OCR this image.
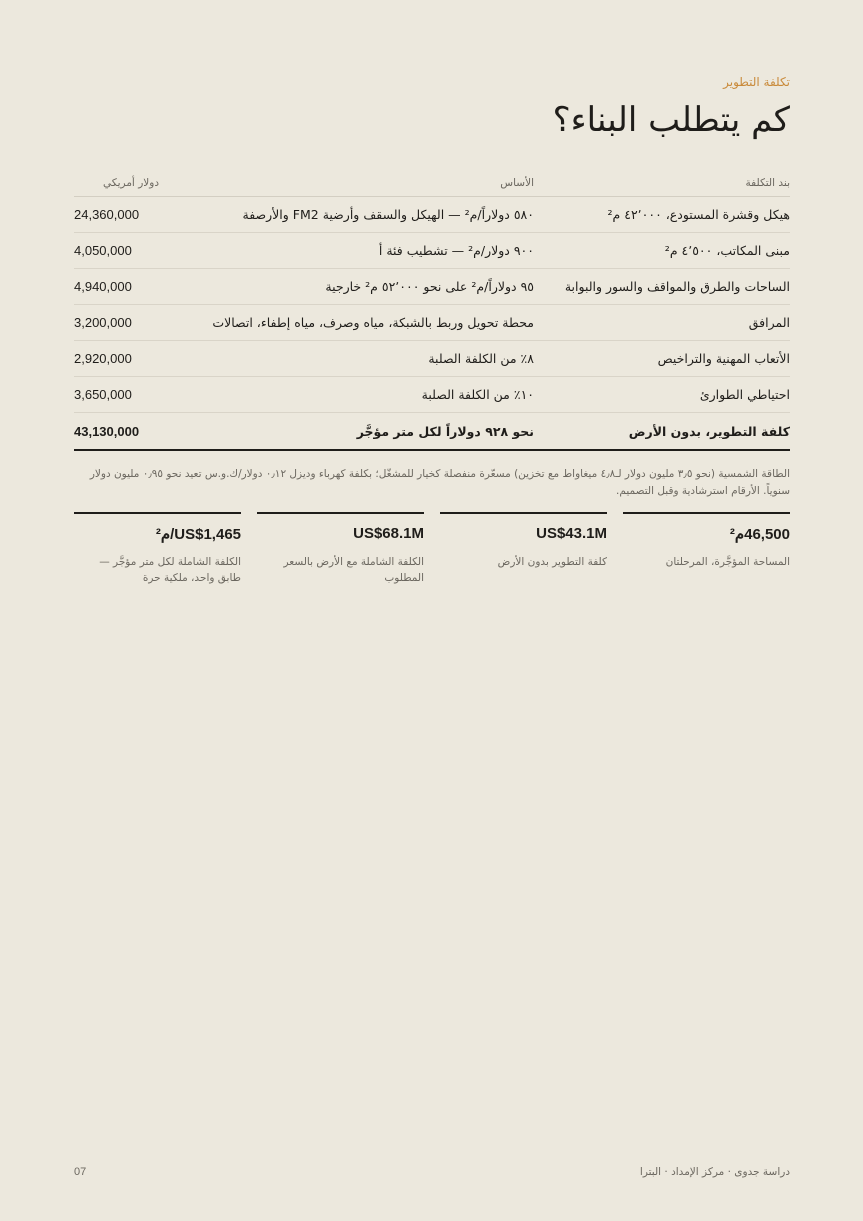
تكلفة التطوير
كم يتطلب البناء؟
بند التكلفة	الأساس	دولار أمريكي
هيكل وقشرة المستودع، ٤٢٬٠٠٠ م²	٥٨٠ دولاراً/م² — الهيكل والسقف وأرضية FM2 والأرصفة	24,360,000
مبنى المكاتب، ٤٬٥٠٠ م²	٩٠٠ دولار/م² — تشطيب فئة أ	4,050,000
الساحات والطرق والمواقف والسور والبوابة	٩٥ دولاراً/م² على نحو ٥٢٬٠٠٠ م² خارجية	4,940,000
المرافق	محطة تحويل وربط بالشبكة، مياه وصرف، مياه إطفاء، اتصالات	3,200,000
الأتعاب المهنية والتراخيص	٨٪ من الكلفة الصلبة	2,920,000
احتياطي الطوارئ	١٠٪ من الكلفة الصلبة	3,650,000
كلفة التطوير، بدون الأرض	نحو ٩٢٨ دولاراً لكل متر مؤجَّر	43,130,000

الطاقة الشمسية (نحو ٣٫٥ مليون دولار لـ٤٫٨ ميغاواط مع تخزين) مسعّرة منفصلة كخيار للمشغّل؛ بكلفة كهرباء وديزل ٠٫١٢ دولار/ك.و.س تعيد نحو ٠٫٩٥ مليون دولار سنوياً. الأرقام استرشادية وقبل التصميم.

46,500م²
المساحة المؤجَّرة، المرحلتان
US$43.1M
كلفة التطوير بدون الأرض
US$68.1M
الكلفة الشاملة مع الأرض بالسعر المطلوب
US$1,465/م²
الكلفة الشاملة لكل متر مؤجَّر — طابق واحد، ملكية حرة
دراسة جدوى · مركز الإمداد · البترا
07
